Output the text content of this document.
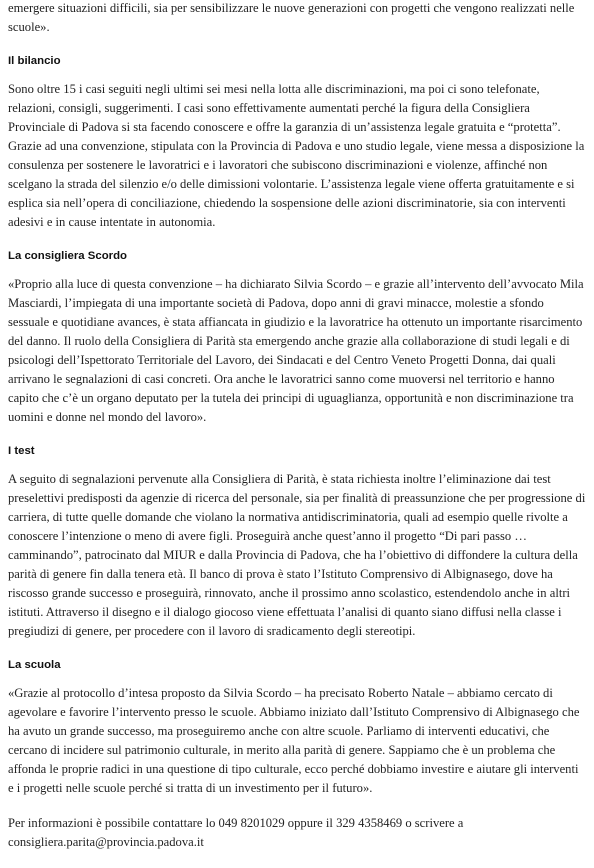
emergere situazioni difficili, sia per sensibilizzare le nuove generazioni con progetti che vengono realizzati nelle scuole».

Il bilancio

Sono oltre 15 i casi seguiti negli ultimi sei mesi nella lotta alle discriminazioni, ma poi ci sono telefonate, relazioni, consigli, suggerimenti. I casi sono effettivamente aumentati perché la figura della Consigliera Provinciale di Padova si sta facendo conoscere e offre la garanzia di un’assistenza legale gratuita e “protetta”. Grazie ad una convenzione, stipulata con la Provincia di Padova e uno studio legale, viene messa a disposizione la consulenza per sostenere le lavoratrici e i lavoratori che subiscono discriminazioni e violenze, affinché non scelgano la strada del silenzio e/o delle dimissioni volontarie. L’assistenza legale viene offerta gratuitamente e si esplica sia nell’opera di conciliazione, chiedendo la sospensione delle azioni discriminatorie, sia con interventi adesivi e in cause intentate in autonomia.

La consigliera Scordo

«Proprio alla luce di questa convenzione – ha dichiarato Silvia Scordo – e grazie all’intervento dell’avvocato Mila Masciardi, l’impiegata di una importante società di Padova, dopo anni di gravi minacce, molestie a sfondo sessuale e quotidiane avances, è stata affiancata in giudizio e la lavoratrice ha ottenuto un importante risarcimento del danno. Il ruolo della Consigliera di Parità sta emergendo anche grazie alla collaborazione di studi legali e di psicologi dell’Ispettorato Territoriale del Lavoro, dei Sindacati e del Centro Veneto Progetti Donna, dai quali arrivano le segnalazioni di casi concreti. Ora anche le lavoratrici sanno come muoversi nel territorio e hanno capito che c’è un organo deputato per la tutela dei principi di uguaglianza, opportunità e non discriminazione tra uomini e donne nel mondo del lavoro».

I test

A seguito di segnalazioni pervenute alla Consigliera di Parità, è stata richiesta inoltre l’eliminazione dai test preselettivi predisposti da agenzie di ricerca del personale, sia per finalità di preassunzione che per progressione di carriera, di tutte quelle domande che violano la normativa antidiscriminatoria, quali ad esempio quelle rivolte a conoscere l’intenzione o meno di avere figli. Proseguirà anche quest’anno il progetto “Di pari passo … camminando”, patrocinato dal MIUR e dalla Provincia di Padova, che ha l’obiettivo di diffondere la cultura della parità di genere fin dalla tenera età. Il banco di prova è stato l’Istituto Comprensivo di Albignasego, dove ha riscosso grande successo e proseguirà, rinnovato, anche il prossimo anno scolastico, estendendolo anche in altri istituti. Attraverso il disegno e il dialogo giocoso viene effettuata l’analisi di quanto siano diffusi nella classe i pregiudizi di genere, per procedere con il lavoro di sradicamento degli stereotipi.

La scuola

«Grazie al protocollo d’intesa proposto da Silvia Scordo – ha precisato Roberto Natale – abbiamo cercato di agevolare e favorire l’intervento presso le scuole. Abbiamo iniziato dall’Istituto Comprensivo di Albignasego che ha avuto un grande successo, ma proseguiremo anche con altre scuole. Parliamo di interventi educativi, che cercano di incidere sul patrimonio culturale, in merito alla parità di genere. Sappiamo che è un problema che affonda le proprie radici in una questione di tipo culturale, ecco perché dobbiamo investire e aiutare gli interventi e i progetti nelle scuole perché si tratta di un investimento per il futuro».

Per informazioni è possibile contattare lo 049 8201029 oppure il 329 4358469 o scrivere a consigliera.parita@provincia.padova.it
